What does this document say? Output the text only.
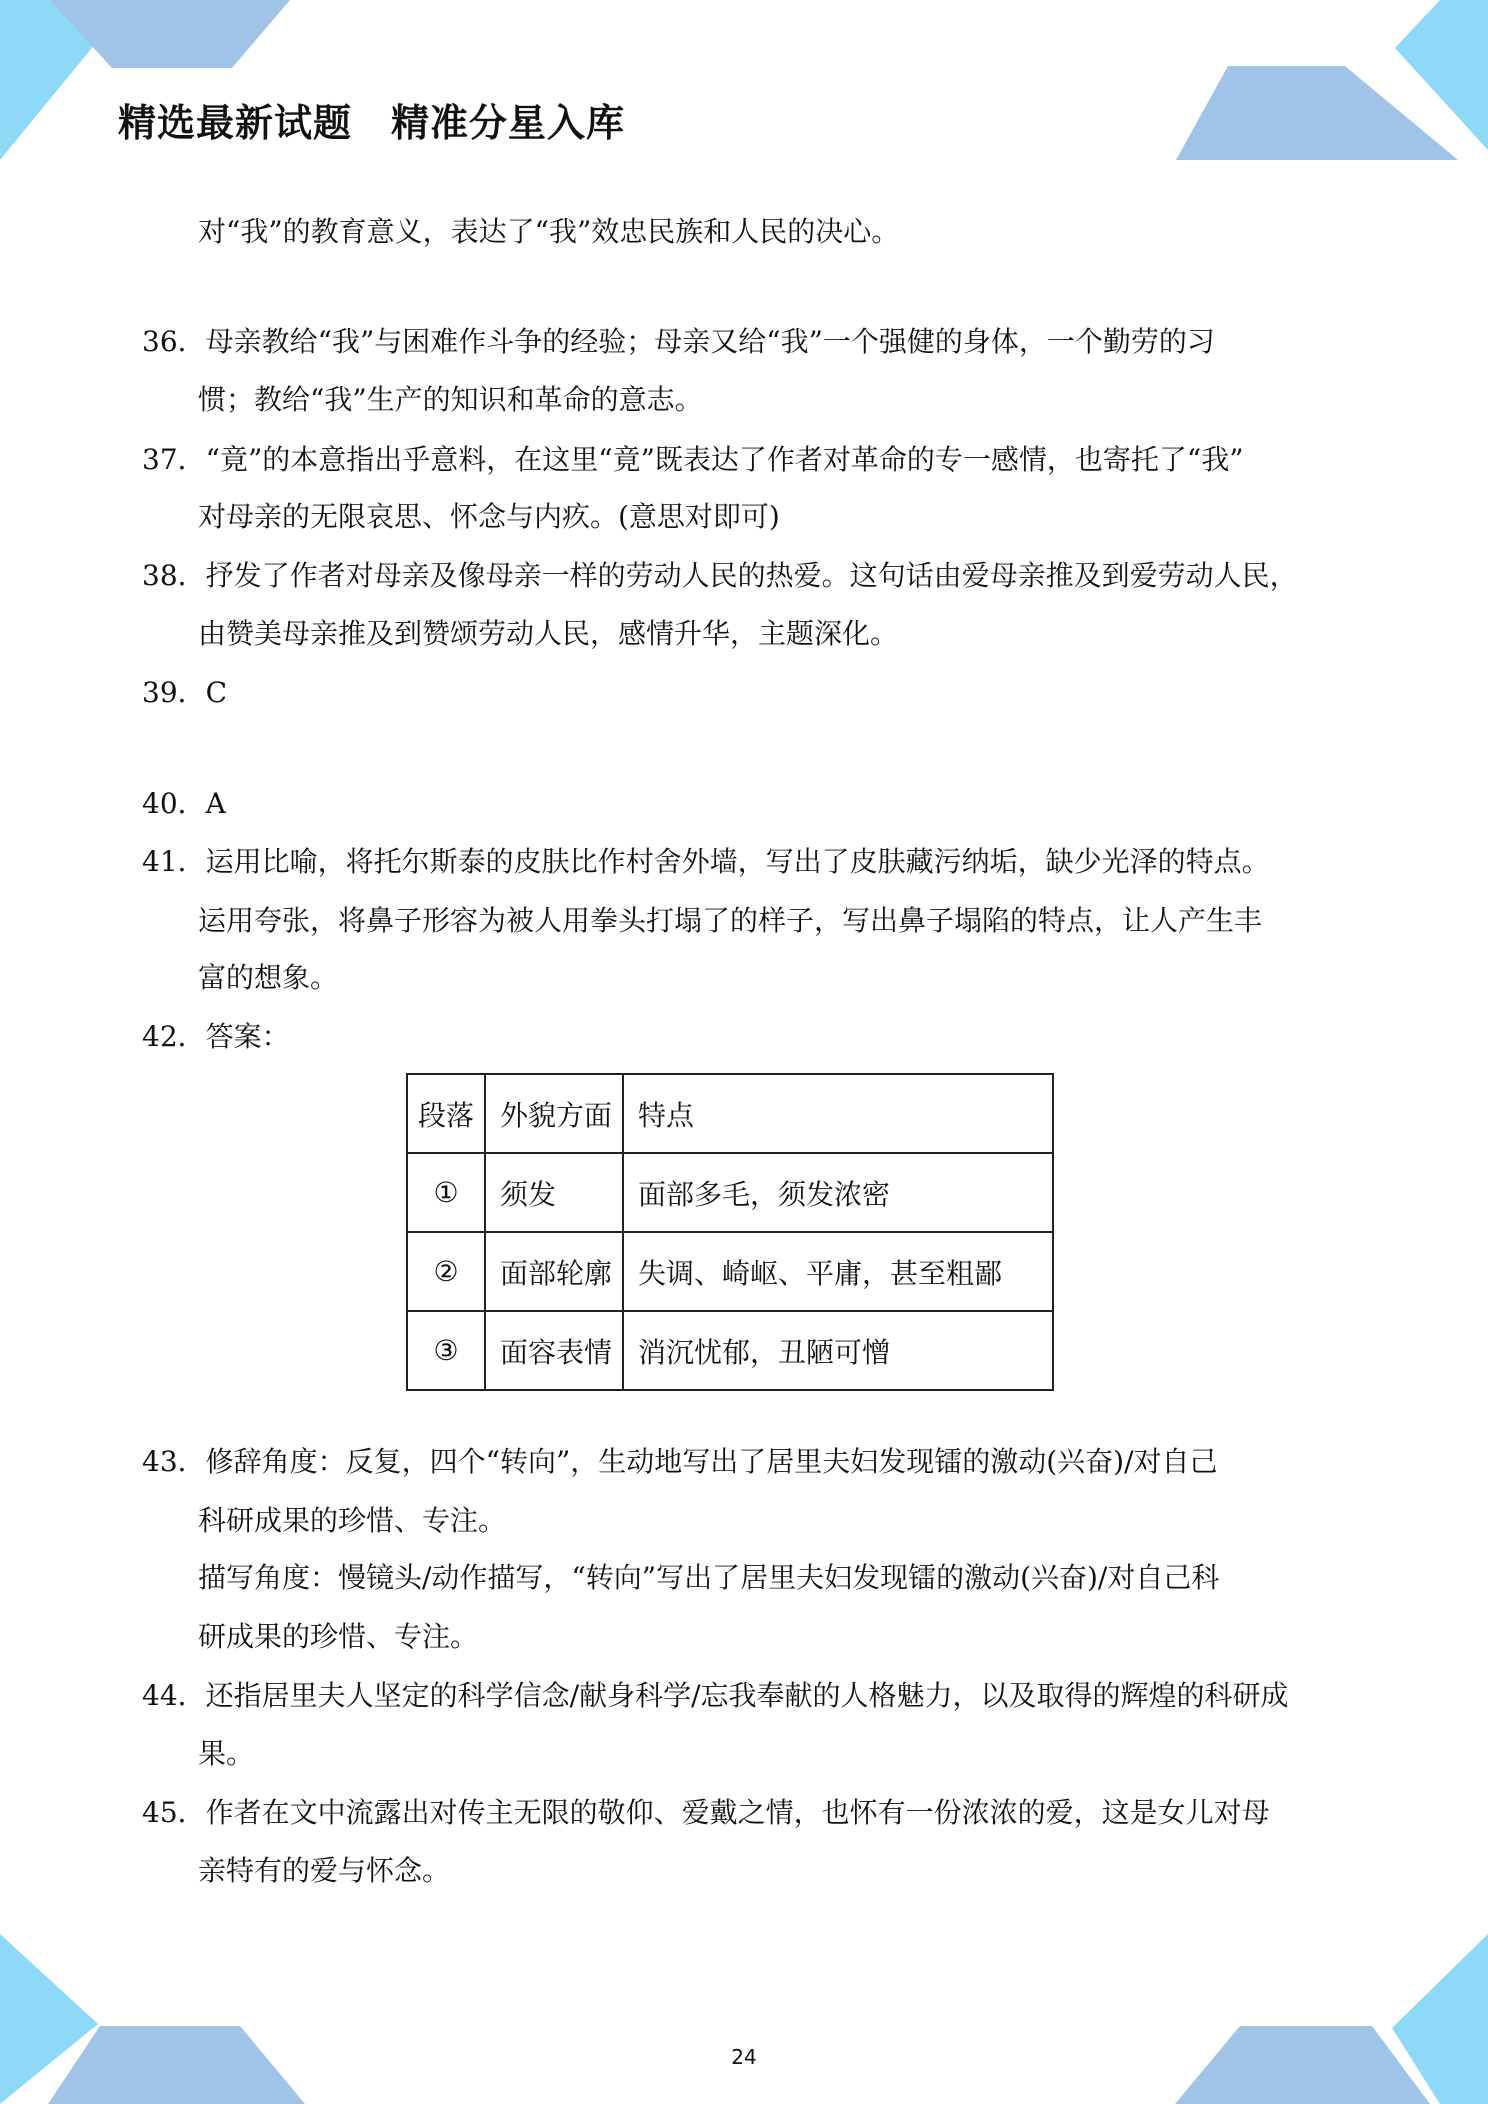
精选最新试题　精准分星入库
对“我”的教育意义，表达了“我”效忠民族和人民的决心。
36．母亲教给“我”与困难作斗争的经验；母亲又给“我”一个强健的身体，一个勤劳的习
惯；教给“我”生产的知识和革命的意志。
37．“竟”的本意指出乎意料，在这里“竟”既表达了作者对革命的专一感情，也寄托了“我”
对母亲的无限哀思、怀念与内疚。(意思对即可)
38．抒发了作者对母亲及像母亲一样的劳动人民的热爱。这句话由爱母亲推及到爱劳动人民，
由赞美母亲推及到赞颂劳动人民，感情升华，主题深化。
39．C
40．A
41．运用比喻，将托尔斯泰的皮肤比作村舍外墙，写出了皮肤藏污纳垢，缺少光泽的特点。
运用夸张，将鼻子形容为被人用拳头打塌了的样子，写出鼻子塌陷的特点，让人产生丰
富的想象。
42．答案：
段落	外貌方面	特点
①	须发	面部多毛，须发浓密
②	面部轮廓	失调、崎岖、平庸，甚至粗鄙
③	面容表情	消沉忧郁，丑陋可憎
43．修辞角度：反复，四个“转向”，生动地写出了居里夫妇发现镭的激动(兴奋)/对自己
科研成果的珍惜、专注。
描写角度：慢镜头/动作描写，“转向”写出了居里夫妇发现镭的激动(兴奋)/对自己科
研成果的珍惜、专注。
44．还指居里夫人坚定的科学信念/献身科学/忘我奉献的人格魅力，以及取得的辉煌的科研成
果。
45．作者在文中流露出对传主无限的敬仰、爱戴之情，也怀有一份浓浓的爱，这是女儿对母
亲特有的爱与怀念。
24
